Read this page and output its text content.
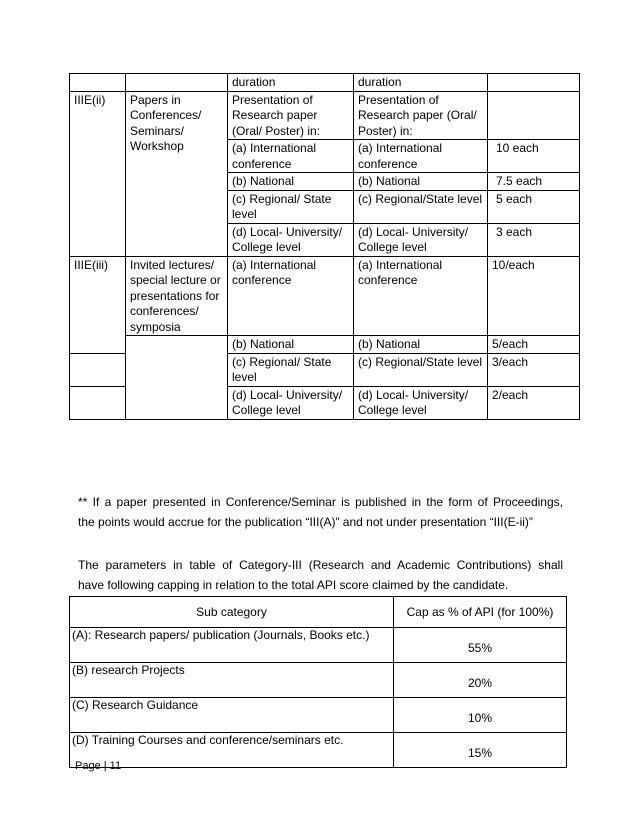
		duration	duration	
IIIE(ii)	Papers in Conferences/ Seminars/ Workshop	Presentation of Research paper (Oral/ Poster) in:	Presentation of Research paper (Oral/ Poster) in:	
		(a) International conference	(a) International conference	10 each
		(b) National	(b) National	7.5 each
		(c) Regional/ State level	(c) Regional/State level	5 each
		(d) Local- University/ College level	(d) Local- University/ College level	3 each
IIIE(iii)	Invited lectures/ special lecture or presentations for conferences/ symposia	(a) International conference	(a) International conference	10/each
		(b) National	(b) National	5/each
		(c) Regional/ State level	(c) Regional/State level	3/each
		(d) Local- University/ College level	(d) Local- University/ College level	2/each
** If a paper presented in Conference/Seminar is published in the form of Proceedings,
the points would accrue for the publication “III(A)” and not under presentation “III(E-ii)”
The parameters in table of Category-III (Research and Academic Contributions) shall
have following capping in relation to the total API score claimed by the candidate.
Sub category	Cap as % of API (for 100%)
(A): Research papers/ publication (Journals, Books etc.)	55%
(B) research Projects	20%
(C) Research Guidance	10%
(D) Training Courses and conference/seminars etc.	15%
Page | 11
